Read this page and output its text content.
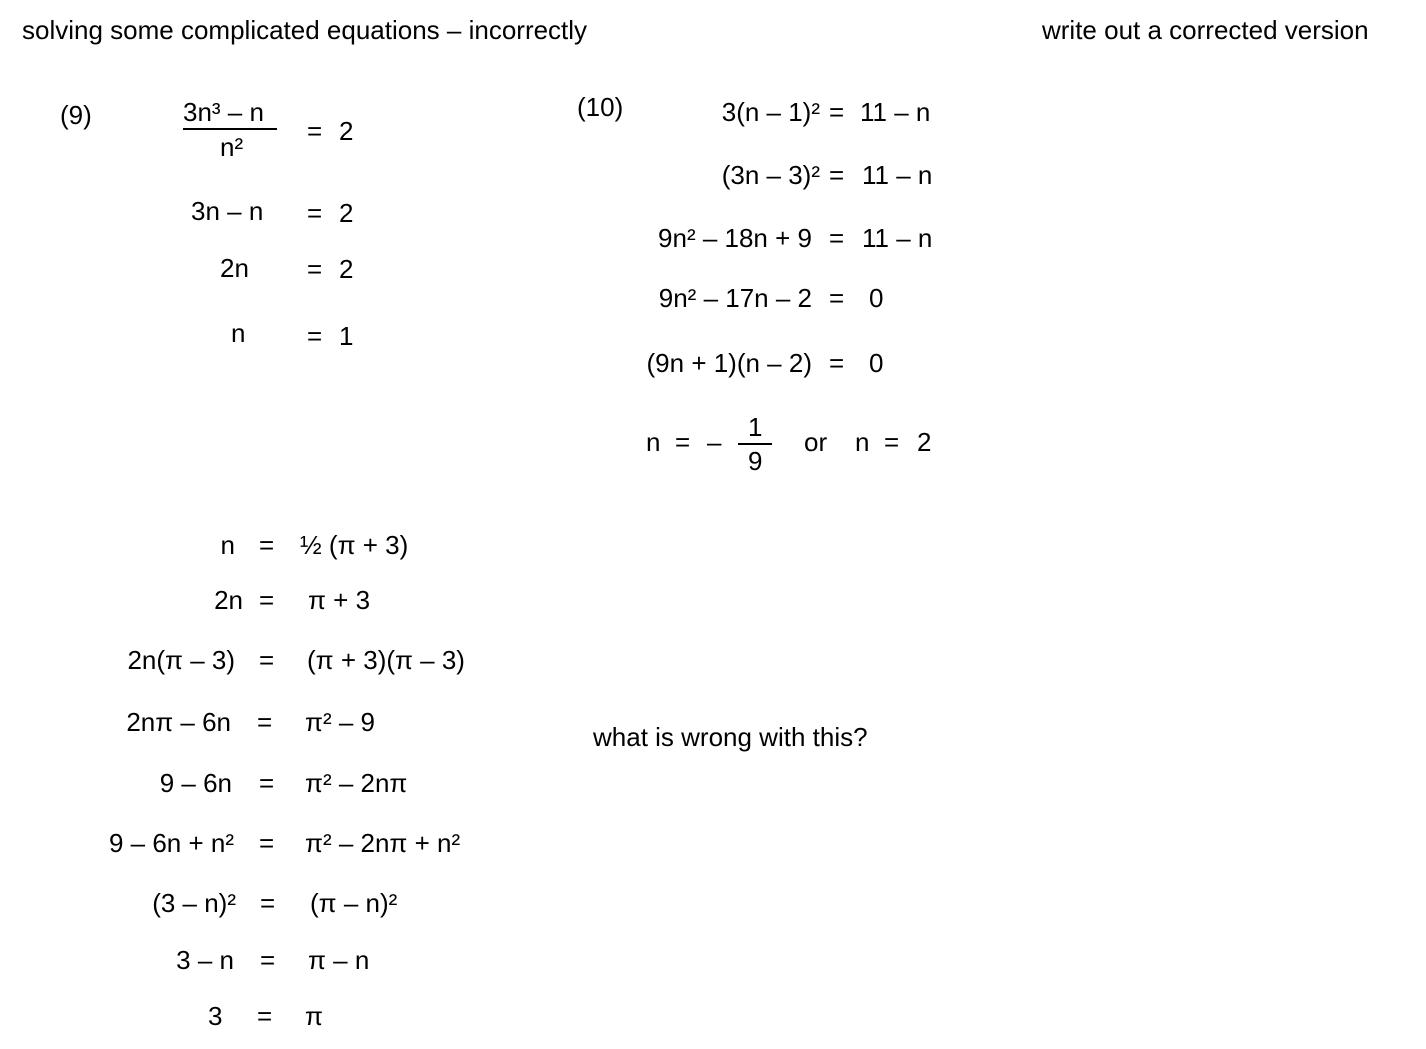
solving some complicated equations – incorrectly	write out a corrected version
(9)	3n³ – n
n²
= 2
3n – n = 2
2n = 2
n = 1
(10)	3(n – 1)² = 11 – n
(3n – 3)² = 11 – n
9n² – 18n + 9 = 11 – n
9n² – 17n – 2 = 0
(9n + 1)(n – 2) = 0
n = – 1
9
or n = 2
n = ½ (π + 3)
2n = π + 3
2n(π – 3) = (π + 3)(π – 3)
2nπ – 6n = π² – 9
9 – 6n = π² – 2nπ
9 – 6n + n² = π² – 2nπ + n²
(3 – n)² = (π – n)²
3 – n = π – n
3 = π
what is wrong with this?
